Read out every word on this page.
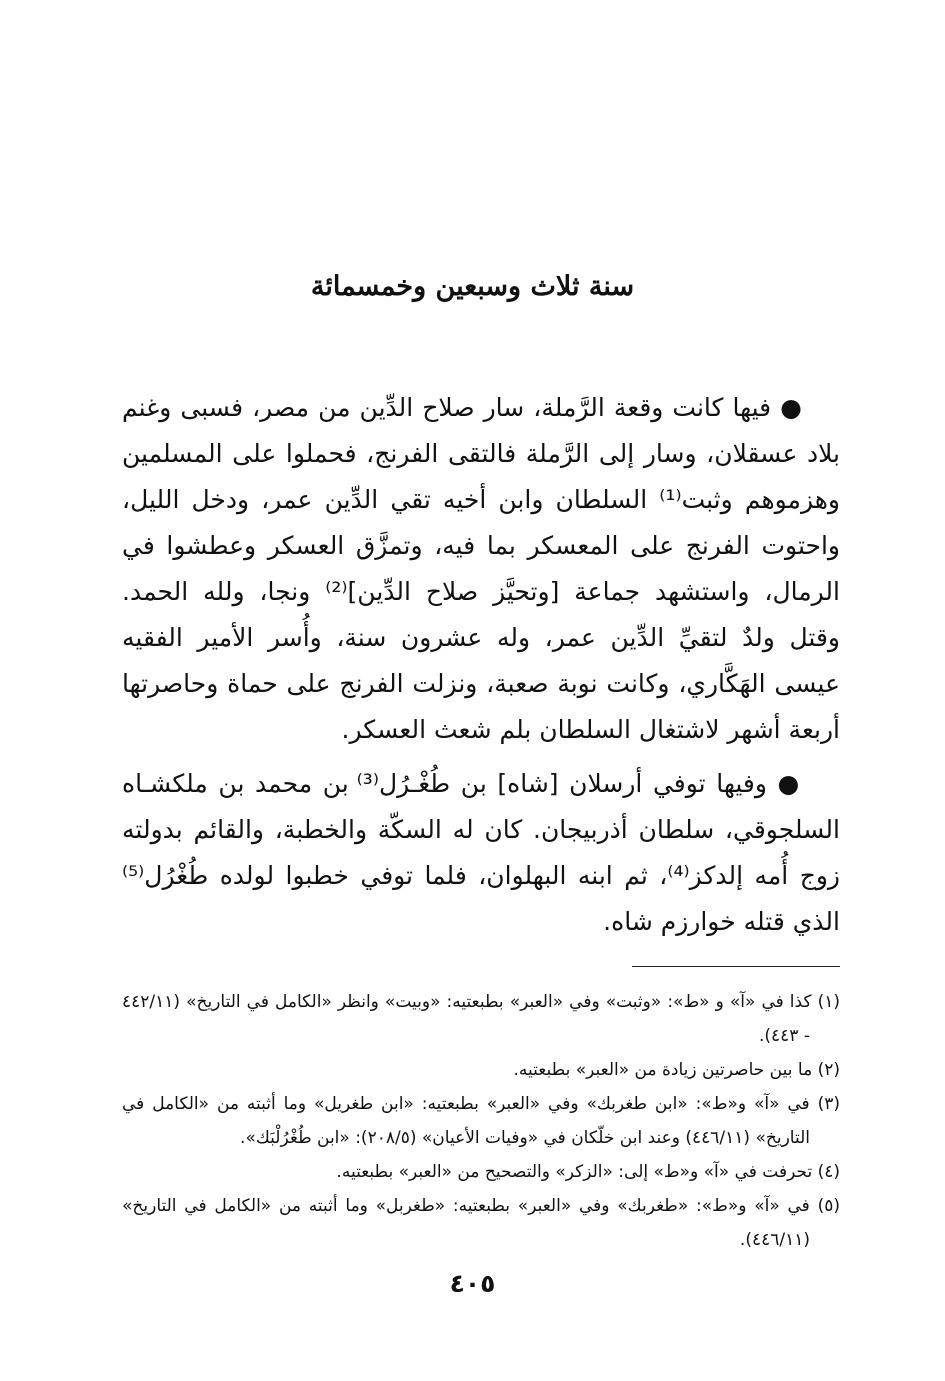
سنة ثلاث وسبعين وخمسمائة

● فيها كانت وقعة الرَّملة، سار صلاح الدِّين من مصر، فسبى وغنم بلاد عسقلان، وسار إلى الرَّملة فالتقى الفرنج، فحملوا على المسلمين وهزموهم وثبت⁽¹⁾ السلطان وابن أخيه تقي الدِّين عمر، ودخل الليل، واحتوت الفرنج على المعسكر بما فيه، وتمزَّق العسكر وعطشوا في الرمال، واستشهد جماعة [وتحيَّز صلاح الدِّين]⁽²⁾ ونجا، ولله الحمد. وقتل ولدٌ لتقيِّ الدِّين عمر، وله عشرون سنة، وأُسر الأمير الفقيه عيسى الهَكَّاري، وكانت نوبة صعبة، ونزلت الفرنج على حماة وحاصرتها أربعة أشهر لاشتغال السلطان بلم شعث العسكر.

● وفيها توفي أرسلان [شاه] بن طُغْـرُل⁽³⁾ بن محمد بن ملكشـاه السلجوقي، سلطان أذربيجان. كان له السكّة والخطبة، والقائم بدولته زوج أُمه إلدكز⁽⁴⁾، ثم ابنه البهلوان، فلما توفي خطبوا لولده طُغْرُل⁽⁵⁾ الذي قتله خوارزم شاه.

(١) كذا في «آ» و «ط»: «وثبت» وفي «العبر» بطبعتيه: «وبيت» وانظر «الكامل في التاريخ» (٤٤٢/١١ - ٤٤٣).

(٢) ما بين حاصرتين زيادة من «العبر» بطبعتيه.

(٣) في «آ» و«ط»: «ابن طغربك» وفي «العبر» بطبعتيه: «ابن طغريل» وما أثبته من «الكامل في التاريخ» (٤٤٦/١١) وعند ابن خلّكان في «وفيات الأعيان» (٢٠٨/٥): «ابن طُغْرُلْبَك».

(٤) تحرفت في «آ» و«ط» إلى: «الزكر» والتصحيح من «العبر» بطبعتيه.

(٥) في «آ» و«ط»: «طغربك» وفي «العبر» بطبعتيه: «طغربل» وما أثبته من «الكامل في التاريخ» (٤٤٦/١١).

٤٠٥
